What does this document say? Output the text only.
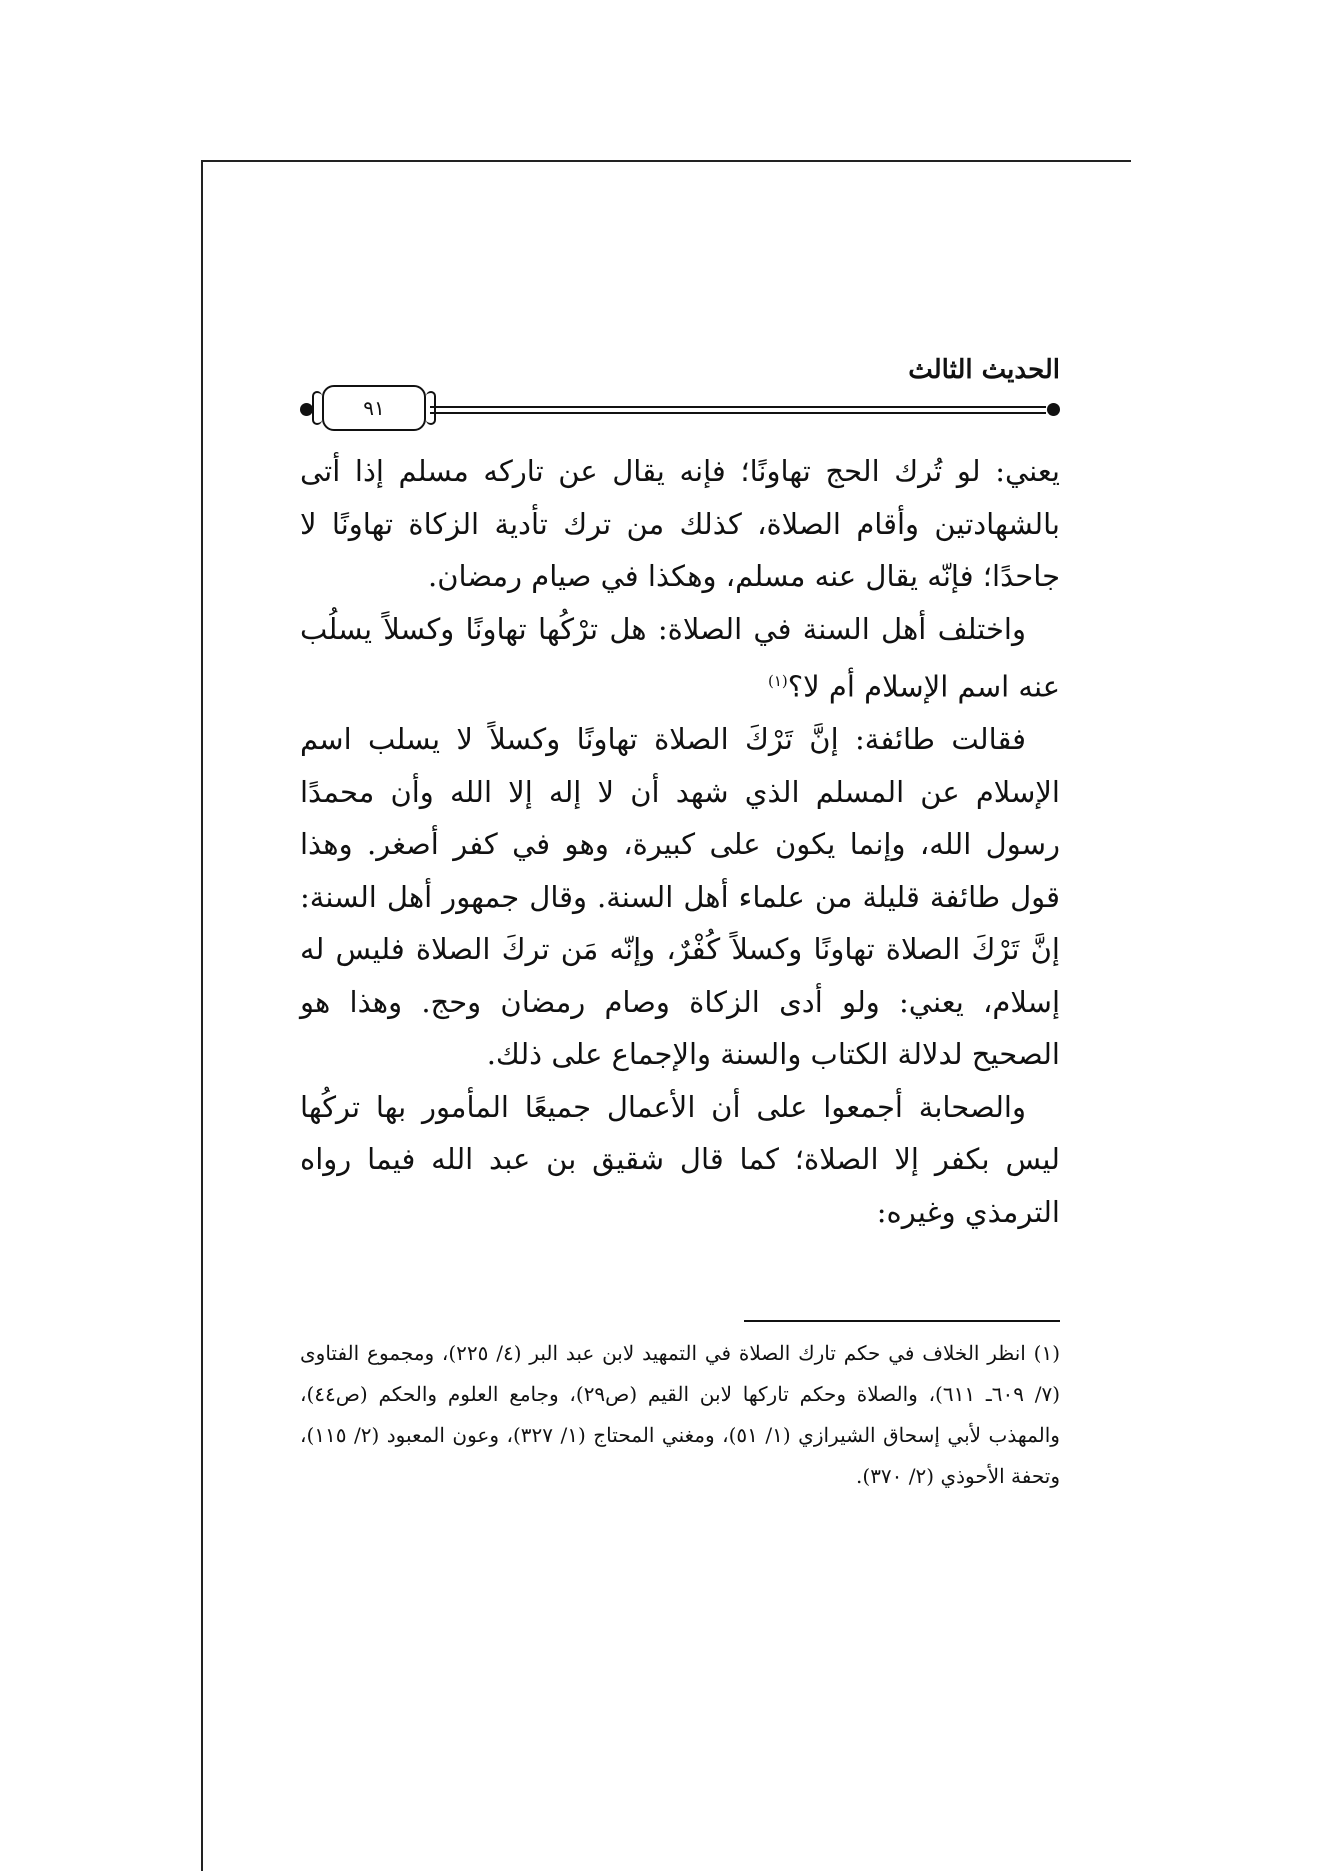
الحديث الثالث
٩١

يعني: لو تُرك الحج تهاونًا؛ فإنه يقال عن تاركه مسلم إذا أتى بالشهادتين وأقام الصلاة، كذلك من ترك تأدية الزكاة تهاونًا لا جاحدًا؛ فإنّه يقال عنه مسلم، وهكذا في صيام رمضان.

واختلف أهل السنة في الصلاة: هل ترْكُها تهاونًا وكسلاً يسلُب عنه اسم الإسلام أم لا؟$^{(١)}$

فقالت طائفة: إنَّ تَرْكَ الصلاة تهاونًا وكسلاً لا يسلب اسم الإسلام عن المسلم الذي شهد أن لا إله إلا الله وأن محمدًا رسول الله، وإنما يكون على كبيرة، وهو في كفر أصغر. وهذا قول طائفة قليلة من علماء أهل السنة. وقال جمهور أهل السنة: إنَّ تَرْكَ الصلاة تهاونًا وكسلاً كُفْرٌ، وإنّه مَن تركَ الصلاة فليس له إسلام، يعني: ولو أدى الزكاة وصام رمضان وحج. وهذا هو الصحيح لدلالة الكتاب والسنة والإجماع على ذلك.

والصحابة أجمعوا على أن الأعمال جميعًا المأمور بها تركُها ليس بكفر إلا الصلاة؛ كما قال شقيق بن عبد الله فيما رواه الترمذي وغيره:

(١) انظر الخلاف في حكم تارك الصلاة في التمهيد لابن عبد البر (٤/ ٢٢٥)، ومجموع الفتاوى (٧/ ٦٠٩ـ ٦١١)، والصلاة وحكم تاركها لابن القيم (ص٢٩)، وجامع العلوم والحكم (ص٤٤)، والمهذب لأبي إسحاق الشيرازي (١/ ٥١)، ومغني المحتاج (١/ ٣٢٧)، وعون المعبود (٢/ ١١٥)، وتحفة الأحوذي (٢/ ٣٧٠).
